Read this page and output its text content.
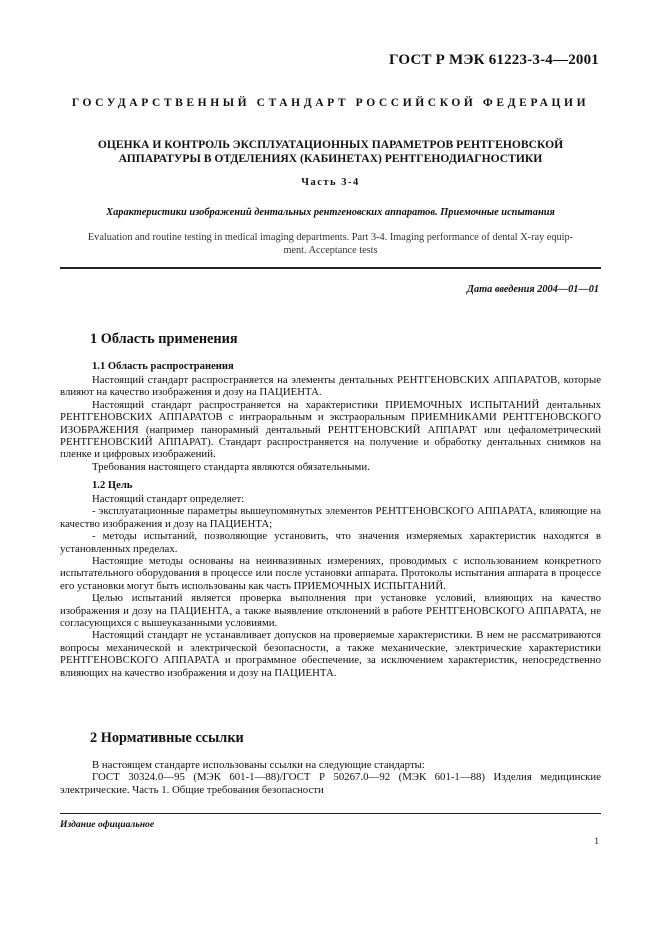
ГОСТ Р МЭК 61223-3-4—2001
ГОСУДАРСТВЕННЫЙ СТАНДАРТ РОССИЙСКОЙ ФЕДЕРАЦИИ
ОЦЕНКА И КОНТРОЛЬ ЭКСПЛУАТАЦИОННЫХ ПАРАМЕТРОВ РЕНТГЕНОВСКОЙ
АППАРАТУРЫ В ОТДЕЛЕНИЯХ (КАБИНЕТАХ) РЕНТГЕНОДИАГНОСТИКИ
Часть 3-4
Характеристики изображений дентальных рентгеновских аппаратов. Приемочные испытания
Evaluation and routine testing in medical imaging departments. Part 3-4. Imaging performance of dental X-ray equip-
ment. Acceptance tests
Дата введения 2004—01—01
1 Область применения
1.1 Область распространения

Настоящий стандарт распространяется на элементы дентальных РЕНТГЕНОВСКИХ АППАРАТОВ, которые влияют на качество изображения и дозу на ПАЦИЕНТА.

Настоящий стандарт распространяется на характеристики ПРИЕМОЧНЫХ ИСПЫТАНИЙ дентальных РЕНТГЕНОВСКИХ АППАРАТОВ с интраоральным и экстраоральным ПРИЕМНИКАМИ РЕНТГЕНОВСКОГО ИЗОБРАЖЕНИЯ (например панорамный дентальный РЕНТГЕНОВСКИЙ АППАРАТ или цефалометрический РЕНТГЕНОВСКИЙ АППАРАТ). Стандарт распространяется на получение и обработку дентальных снимков на пленке и цифровых изображений.

Требования настоящего стандарта являются обязательными.

1.2 Цель

Настоящий стандарт определяет:

- эксплуатационные параметры вышеупомянутых элементов РЕНТГЕНОВСКОГО АППАРАТА, влияющие на качество изображения и дозу на ПАЦИЕНТА;

- методы испытаний, позволяющие установить, что значения измеряемых характеристик находятся в установленных пределах.

Настоящие методы основаны на неинвазивных измерениях, проводимых с использованием конкретного испытательного оборудования в процессе или после установки аппарата. Протоколы испытания аппарата в процессе его установки могут быть использованы как часть ПРИЕМОЧНЫХ ИСПЫТАНИЙ.

Целью испытаний является проверка выполнения при установке условий, влияющих на качество изображения и дозу на ПАЦИЕНТА, а также выявление отклонений в работе РЕНТГЕНОВСКОГО АППАРАТА, не согласующихся с вышеуказанными условиями.

Настоящий стандарт не устанавливает допусков на проверяемые характеристики. В нем не рассматриваются вопросы механической и электрической безопасности, а также механические, электрические характеристики РЕНТГЕНОВСКОГО АППАРАТА и программное обеспечение, за исключением характеристик, непосредственно влияющих на качество изображения и дозу на ПАЦИЕНТА.

2 Нормативные ссылки

В настоящем стандарте использованы ссылки на следующие стандарты:

ГОСТ 30324.0—95 (МЭК 601-1—88)/ГОСТ Р 50267.0—92 (МЭК 601-1—88) Изделия медицинские электрические. Часть 1. Общие требования безопасности

Издание официальное
1
